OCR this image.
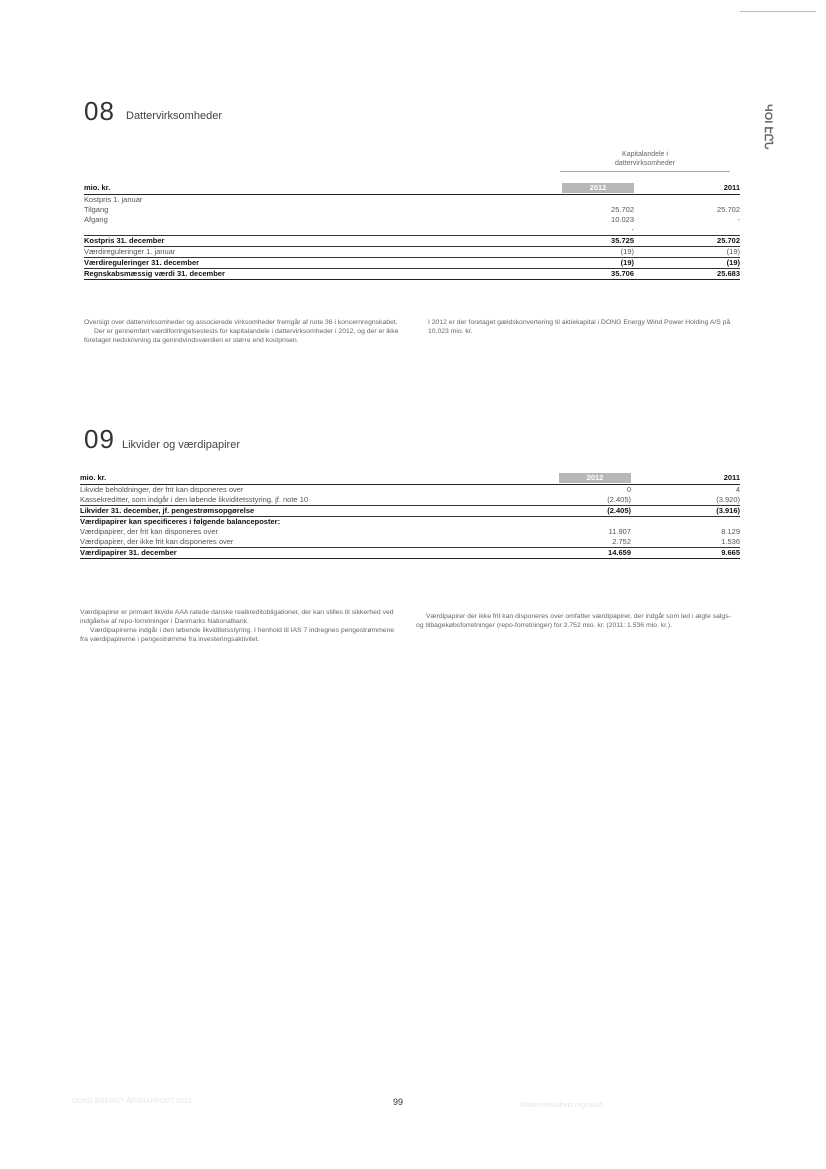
ЧОІ ԷԸՆ
08 Dattervirksomheder
Kapitalandele i
dattervirksomheder
mio. kr.	2012	2011
Kostpris 1. januar		
Tilgang	25.702	25.702
Afgang	10.023	-
	-	
Kostpris 31. december	35.725	25.702
Værdireguleringer 1. januar	(19)	(19)
Værdireguleringer 31. december	(19)	(19)
Regnskabsmæssig værdi 31. december	35.706	25.683

Oversigt over dattervirksomheder og associerede virksomheder fremgår af note 36 i koncernregnskabet.

Der er gennemført værdiforringelsestests for kapitalandele i dattervirksomheder i 2012, og der er ikke foretaget nedskrivning da genindvindsværdien er større end kostprisen.

I 2012 er der foretaget gældskonvertering til aktiekapital i DONG Energy Wind Power Holding A/S på 10.023 mio. kr.

09 Likvider og værdipapirer
mio. kr.	2012	2011
Likvide beholdninger, der frit kan disponeres over	0	4
Kassekreditter, som indgår i den løbende likviditetsstyring, jf. note 10	(2.405)	(3.920)
Likvider 31. december, jf. pengestrømsopgørelse	(2.405)	(3.916)
Værdipapirer kan specificeres i følgende balanceposter:		
Værdipapirer, der frit kan disponeres over	11.907	8.129
Værdipapirer, der ikke frit kan disponeres over	2.752	1.536
Værdipapirer 31. december	14.659	9.665

Værdipapirer er primært likvide AAA ratede danske realkreditobligationer, der kan stilles til sikkerhed ved indgåelse af repo-forretninger i Danmarks Nationalbank.

Værdipapirerne indgår i den løbende likviditetsstyring. I henhold til IAS 7 indregnes pengestrømmene fra værdipapirerne i pengestrømme fra investeringsaktivitet.

Værdipapirer der ikke frit kan disponeres over omfatter værdipapirer, der indgår som led i ægte salgs- og tilbagekøbsforretninger (repo-forretninger) for 2.752 mio. kr. (2011: 1.536 mio. kr.).

DONG ENERGY ÅRSRAPPORT 2012	99	Moderselskabets regnskab
